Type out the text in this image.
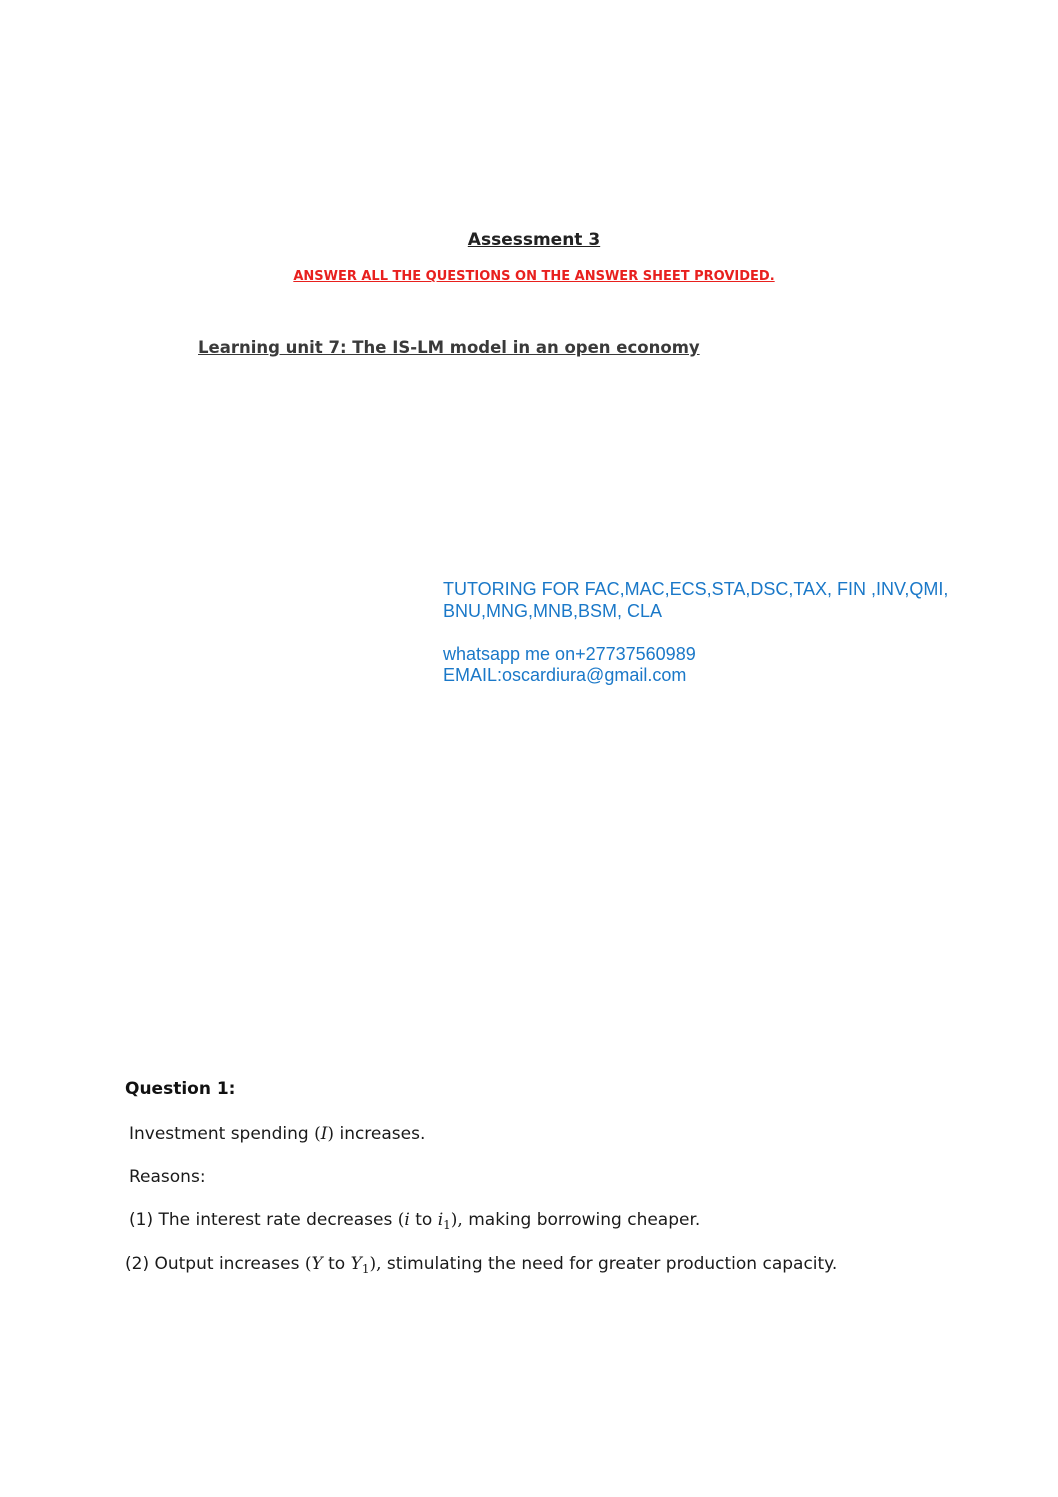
Assessment 3
ANSWER ALL THE QUESTIONS ON THE ANSWER SHEET PROVIDED.
Learning unit 7: The IS-LM model in an open economy
TUTORING FOR FAC,MAC,ECS,STA,DSC,TAX, FIN ,INV,QMI,
BNU,MNG,MNB,BSM, CLA
whatsapp me on+27737560989
EMAIL:oscardiura@gmail.com
Question 1:
Investment spending (I) increases.
Reasons:
(1) The interest rate decreases (i to $i_1$), making borrowing cheaper.
(2) Output increases (Y to $Y_1$), stimulating the need for greater production capacity.
